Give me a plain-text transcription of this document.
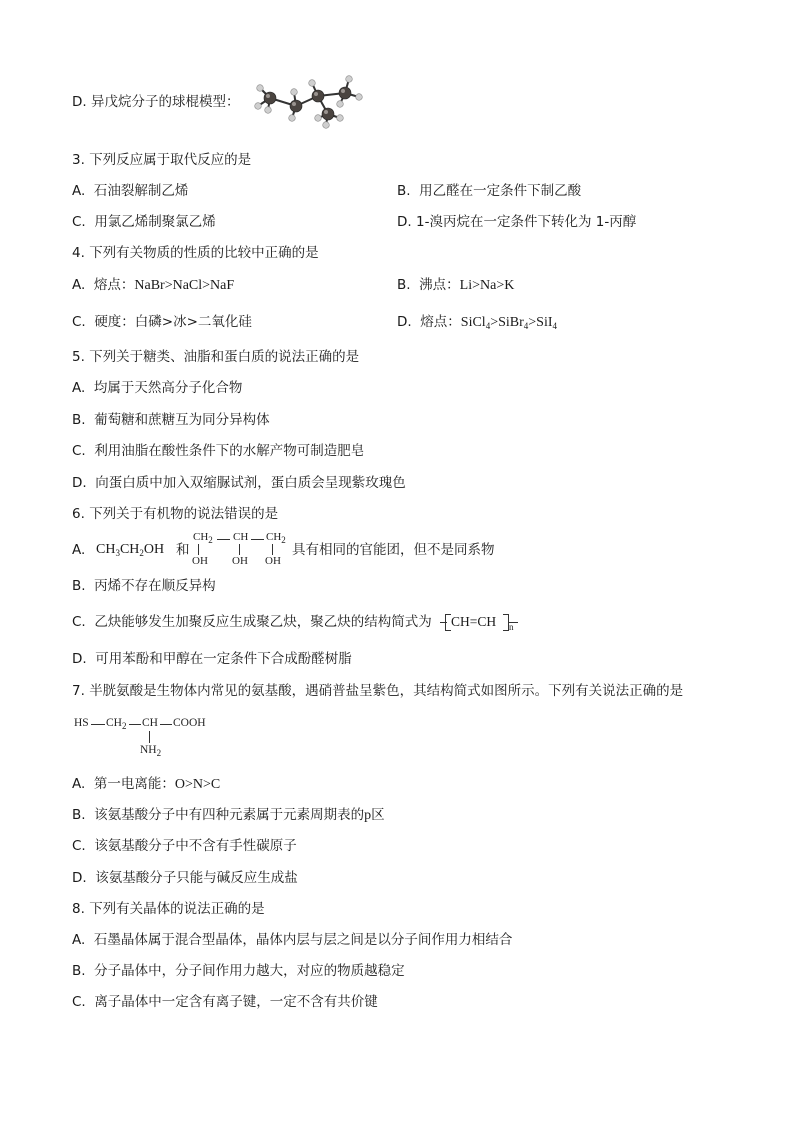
D. 异戊烷分子的球棍模型：
3. 下列反应属于取代反应的是
A. 石油裂解制乙烯	B. 用乙醛在一定条件下制乙酸
C. 用氯乙烯制聚氯乙烯	D. 1-溴丙烷在一定条件下转化为 1-丙醇
4. 下列有关物质的性质的比较中正确的是
A. 熔点：NaBr>NaCl>NaF	B. 沸点：Li>Na>K
C. 硬度：白磷>冰>二氧化硅	D. 熔点：SiCl$_4$>SiBr$_4$>SiI$_4$
5. 下列关于糖类、油脂和蛋白质的说法正确的是
A. 均属于天然高分子化合物
B. 葡萄糖和蔗糖互为同分异构体
C. 利用油脂在酸性条件下的水解产物可制造肥皂
D. 向蛋白质中加入双缩脲试剂，蛋白质会呈现紫玫瑰色
6. 下列关于有机物的说法错误的是
A. $CH_3CH_2OH$ 和
$CH_2$ CH $CH_2$
OH OH OH
具有相同的官能团，但不是同系物
B. 丙烯不存在顺反异构
C. 乙炔能够发生加聚反应生成聚乙炔，聚乙炔的结构简式为 CH=CH n
D. 可用苯酚和甲醇在一定条件下合成酚醛树脂
7. 半胱氨酸是生物体内常见的氨基酸，遇硝普盐呈紫色，其结构简式如图所示。下列有关说法正确的是
HS $CH_2$ CH COOH
$NH_2$
A. 第一电离能：O>N>C
B. 该氨基酸分子中有四种元素属于元素周期表的p区
C. 该氨基酸分子中不含有手性碳原子
D. 该氨基酸分子只能与碱反应生成盐
8. 下列有关晶体的说法正确的是
A. 石墨晶体属于混合型晶体，晶体内层与层之间是以分子间作用力相结合
B. 分子晶体中，分子间作用力越大，对应的物质越稳定
C. 离子晶体中一定含有离子键，一定不含有共价键
